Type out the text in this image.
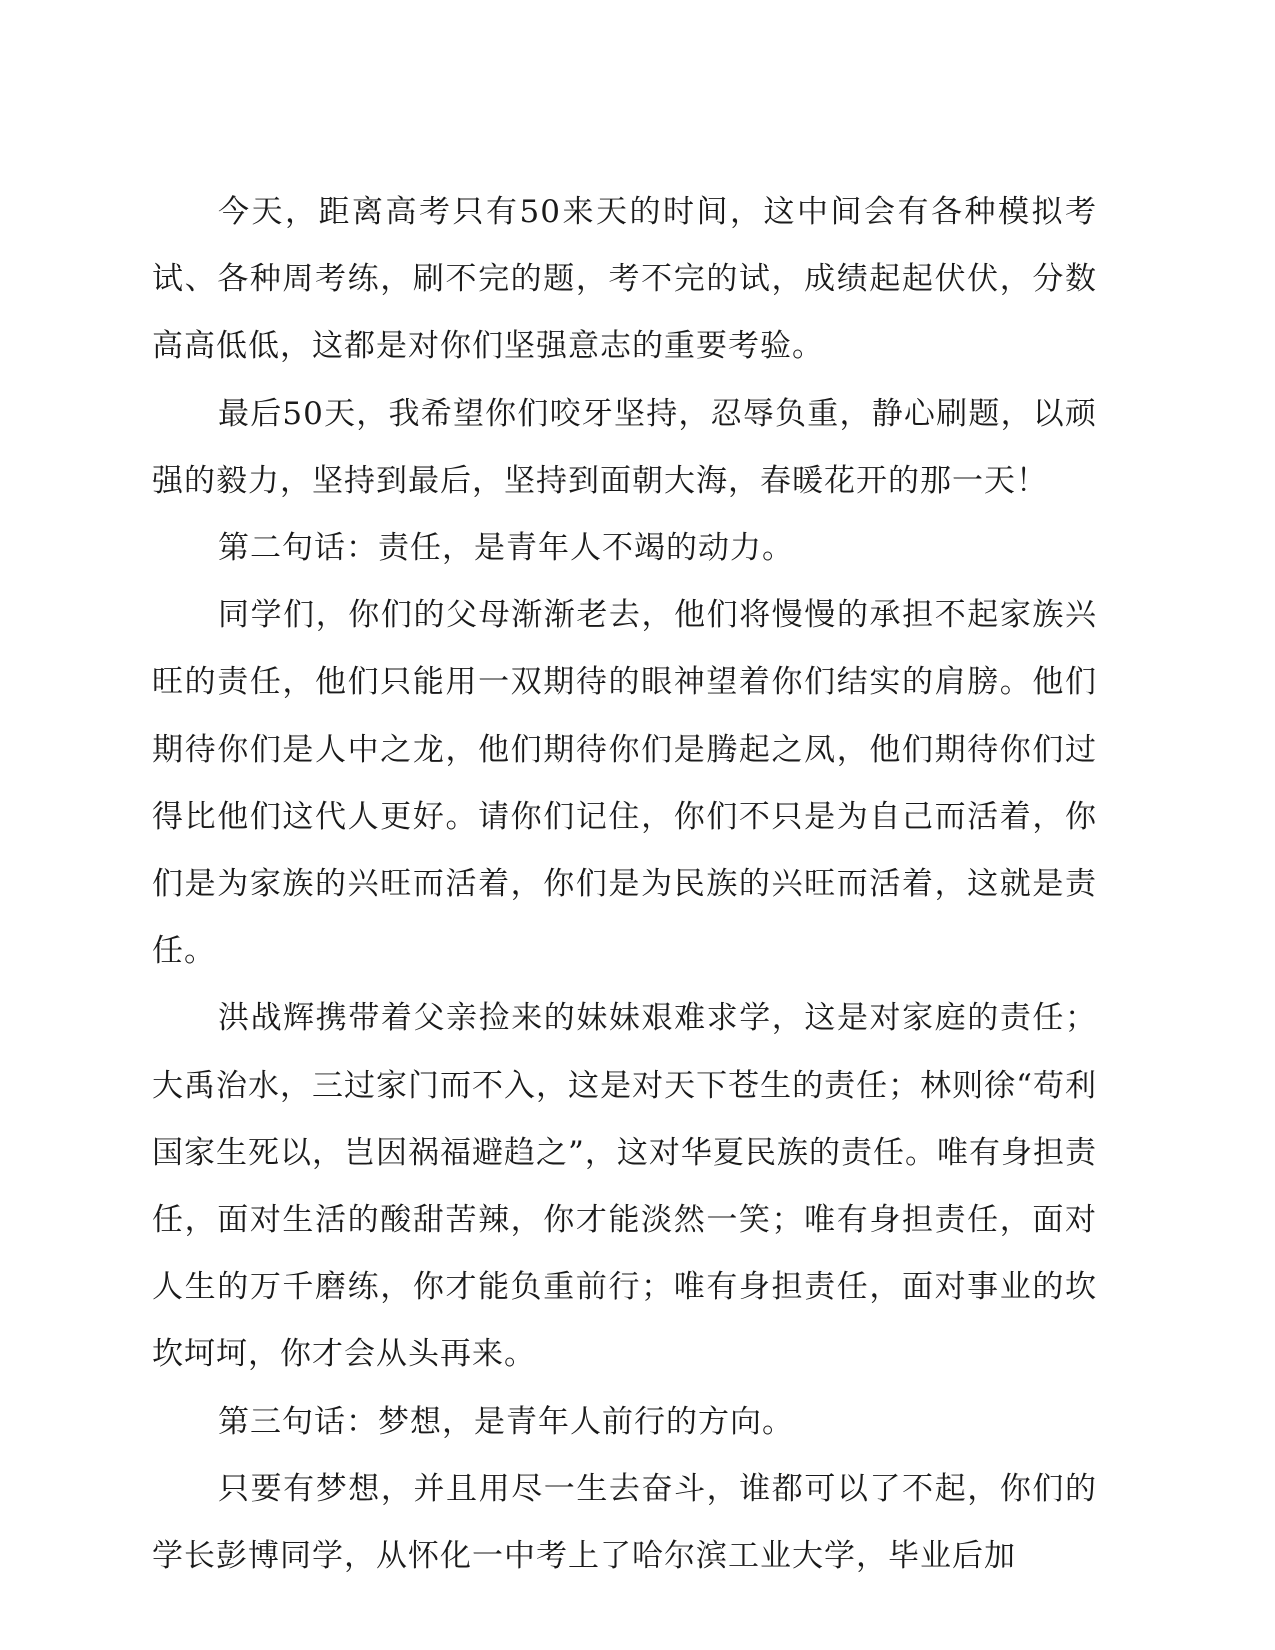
今天，距离高考只有50来天的时间，这中间会有各种模拟考试、各种周考练，刷不完的题，考不完的试，成绩起起伏伏，分数高高低低，这都是对你们坚强意志的重要考验。

最后50天，我希望你们咬牙坚持，忍辱负重，静心刷题，以顽强的毅力，坚持到最后，坚持到面朝大海，春暖花开的那一天！

第二句话：责任，是青年人不竭的动力。

同学们，你们的父母渐渐老去，他们将慢慢的承担不起家族兴旺的责任，他们只能用一双期待的眼神望着你们结实的肩膀。他们期待你们是人中之龙，他们期待你们是腾起之凤，他们期待你们过得比他们这代人更好。请你们记住，你们不只是为自己而活着，你们是为家族的兴旺而活着，你们是为民族的兴旺而活着，这就是责任。

洪战辉携带着父亲捡来的妹妹艰难求学，这是对家庭的责任；大禹治水，三过家门而不入，这是对天下苍生的责任；林则徐“苟利国家生死以，岂因祸福避趋之”，这对华夏民族的责任。唯有身担责任，面对生活的酸甜苦辣，你才能淡然一笑；唯有身担责任，面对人生的万千磨练，你才能负重前行；唯有身担责任，面对事业的坎坎坷坷，你才会从头再来。

第三句话：梦想，是青年人前行的方向。

只要有梦想，并且用尽一生去奋斗，谁都可以了不起，你们的学长彭博同学，从怀化一中考上了哈尔滨工业大学，毕业后加
